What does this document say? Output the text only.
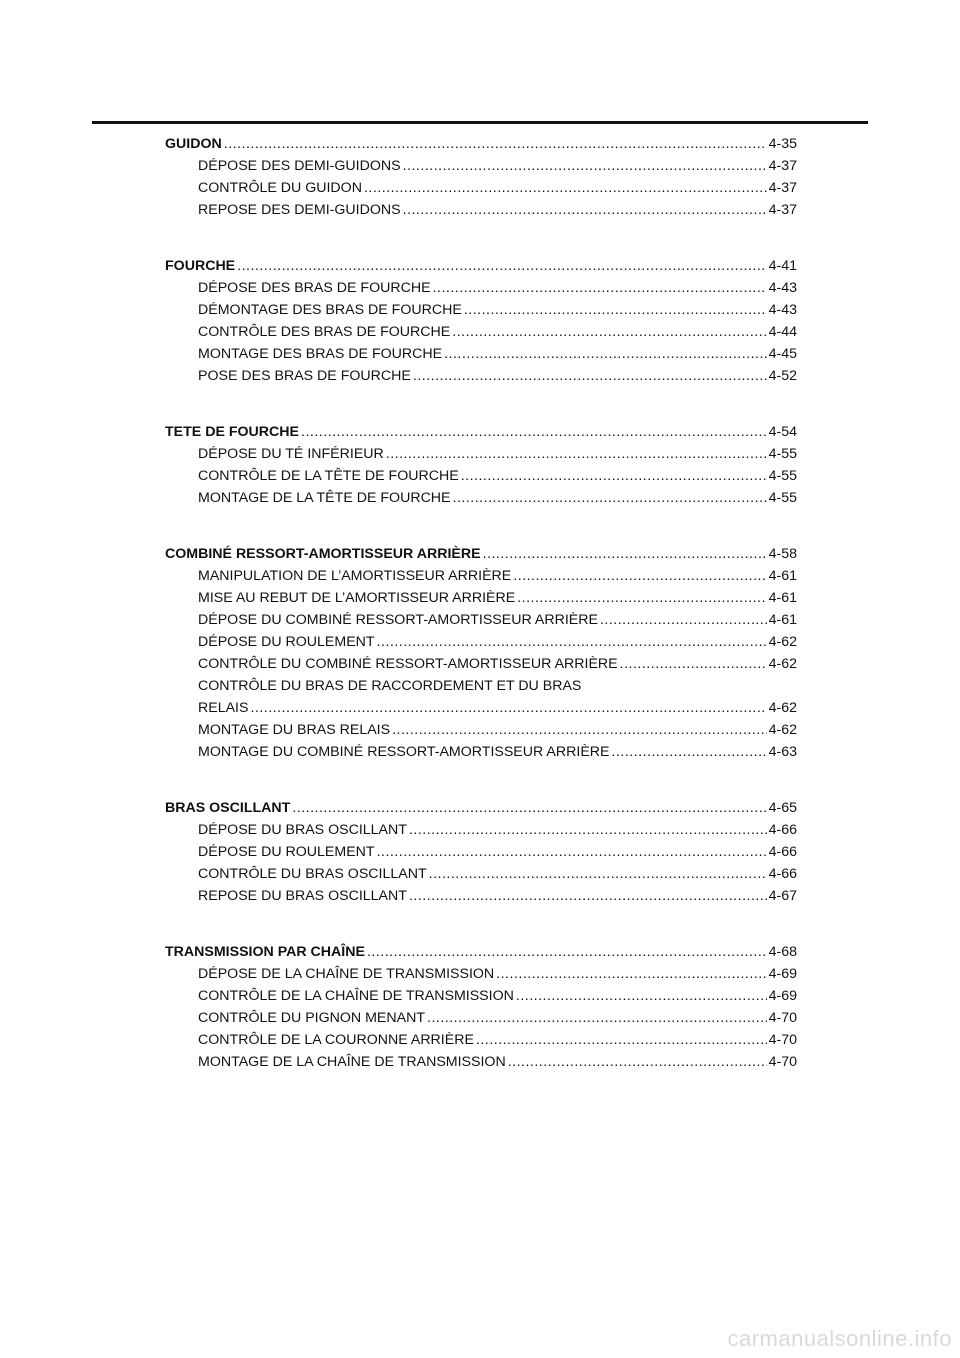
GUIDON .....	4-35
DÉPOSE DES DEMI-GUIDONS .....	4-37
CONTRÔLE DU GUIDON .....	4-37
REPOSE DES DEMI-GUIDONS .....	4-37
FOURCHE .....	4-41
DÉPOSE DES BRAS DE FOURCHE .....	4-43
DÉMONTAGE DES BRAS DE FOURCHE .....	4-43
CONTRÔLE DES BRAS DE FOURCHE .....	4-44
MONTAGE DES BRAS DE FOURCHE .....	4-45
POSE DES BRAS DE FOURCHE .....	4-52
TETE DE FOURCHE .....	4-54
DÉPOSE DU TÉ INFÉRIEUR .....	4-55
CONTRÔLE DE LA TÊTE DE FOURCHE .....	4-55
MONTAGE DE LA TÊTE DE FOURCHE .....	4-55
COMBINÉ RESSORT-AMORTISSEUR ARRIÈRE .....	4-58
MANIPULATION DE L’AMORTISSEUR ARRIÈRE .....	4-61
MISE AU REBUT DE L’AMORTISSEUR ARRIÈRE .....	4-61
DÉPOSE DU COMBINÉ RESSORT-AMORTISSEUR ARRIÈRE .....	4-61
DÉPOSE DU ROULEMENT .....	4-62
CONTRÔLE DU COMBINÉ RESSORT-AMORTISSEUR ARRIÈRE .....	4-62
CONTRÔLE DU BRAS DE RACCORDEMENT ET DU BRAS
RELAIS .....	4-62
MONTAGE DU BRAS RELAIS .....	4-62
MONTAGE DU COMBINÉ RESSORT-AMORTISSEUR ARRIÈRE .....	4-63
BRAS OSCILLANT .....	4-65
DÉPOSE DU BRAS OSCILLANT .....	4-66
DÉPOSE DU ROULEMENT .....	4-66
CONTRÔLE DU BRAS OSCILLANT .....	4-66
REPOSE DU BRAS OSCILLANT .....	4-67
TRANSMISSION PAR CHAÎNE .....	4-68
DÉPOSE DE LA CHAÎNE DE TRANSMISSION .....	4-69
CONTRÔLE DE LA CHAÎNE DE TRANSMISSION .....	4-69
CONTRÔLE DU PIGNON MENANT .....	4-70
CONTRÔLE DE LA COURONNE ARRIÈRE .....	4-70
MONTAGE DE LA CHAÎNE DE TRANSMISSION .....	4-70
carmanualsonline.info
